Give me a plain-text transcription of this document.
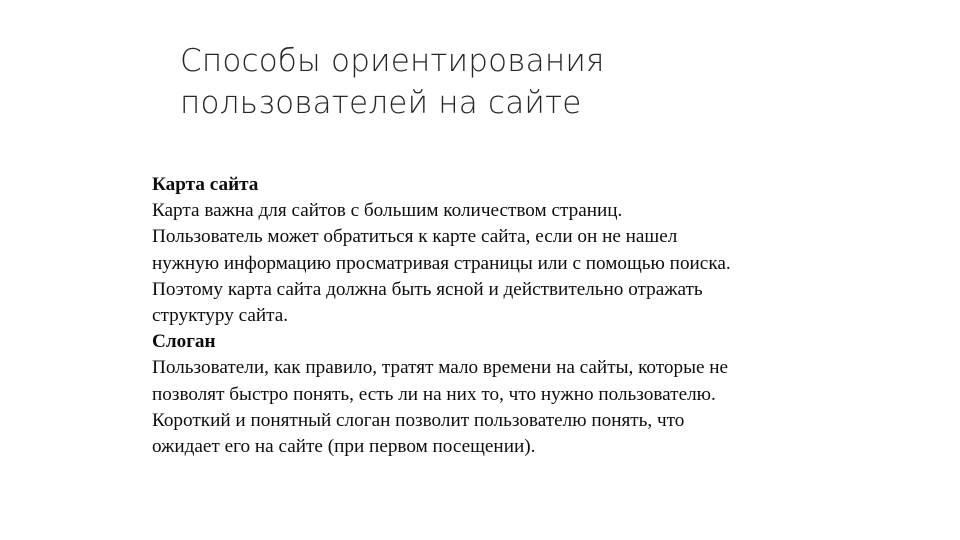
Способы ориентирования
пользователей на сайте
Карта сайта
Карта важна для сайтов с большим количеством страниц.
Пользователь может обратиться к карте сайта, если он не нашел
нужную информацию просматривая страницы или с помощью поиска.
Поэтому карта сайта должна быть ясной и действительно отражать
структуру сайта.
Слоган
Пользователи, как правило, тратят мало времени на сайты, которые не
позволят быстро понять, есть ли на них то, что нужно пользователю.
Короткий и понятный слоган позволит пользователю понять, что
ожидает его на сайте (при первом посещении).
